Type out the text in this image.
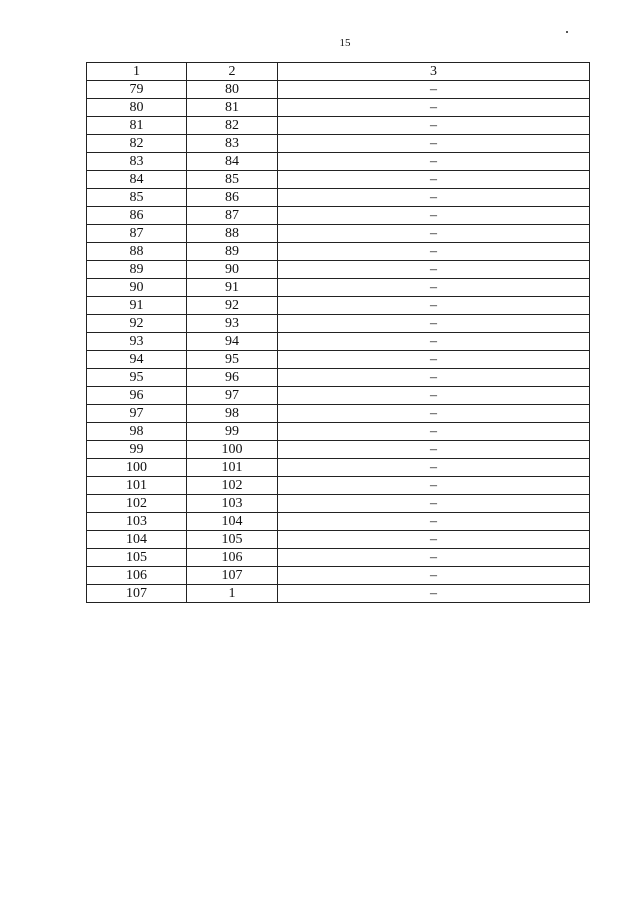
15
1	2	3
79	80	–
80	81	–
81	82	–
82	83	–
83	84	–
84	85	–
85	86	–
86	87	–
87	88	–
88	89	–
89	90	–
90	91	–
91	92	–
92	93	–
93	94	–
94	95	–
95	96	–
96	97	–
97	98	–
98	99	–
99	100	–
100	101	–
101	102	–
102	103	–
103	104	–
104	105	–
105	106	–
106	107	–
107	1	–
